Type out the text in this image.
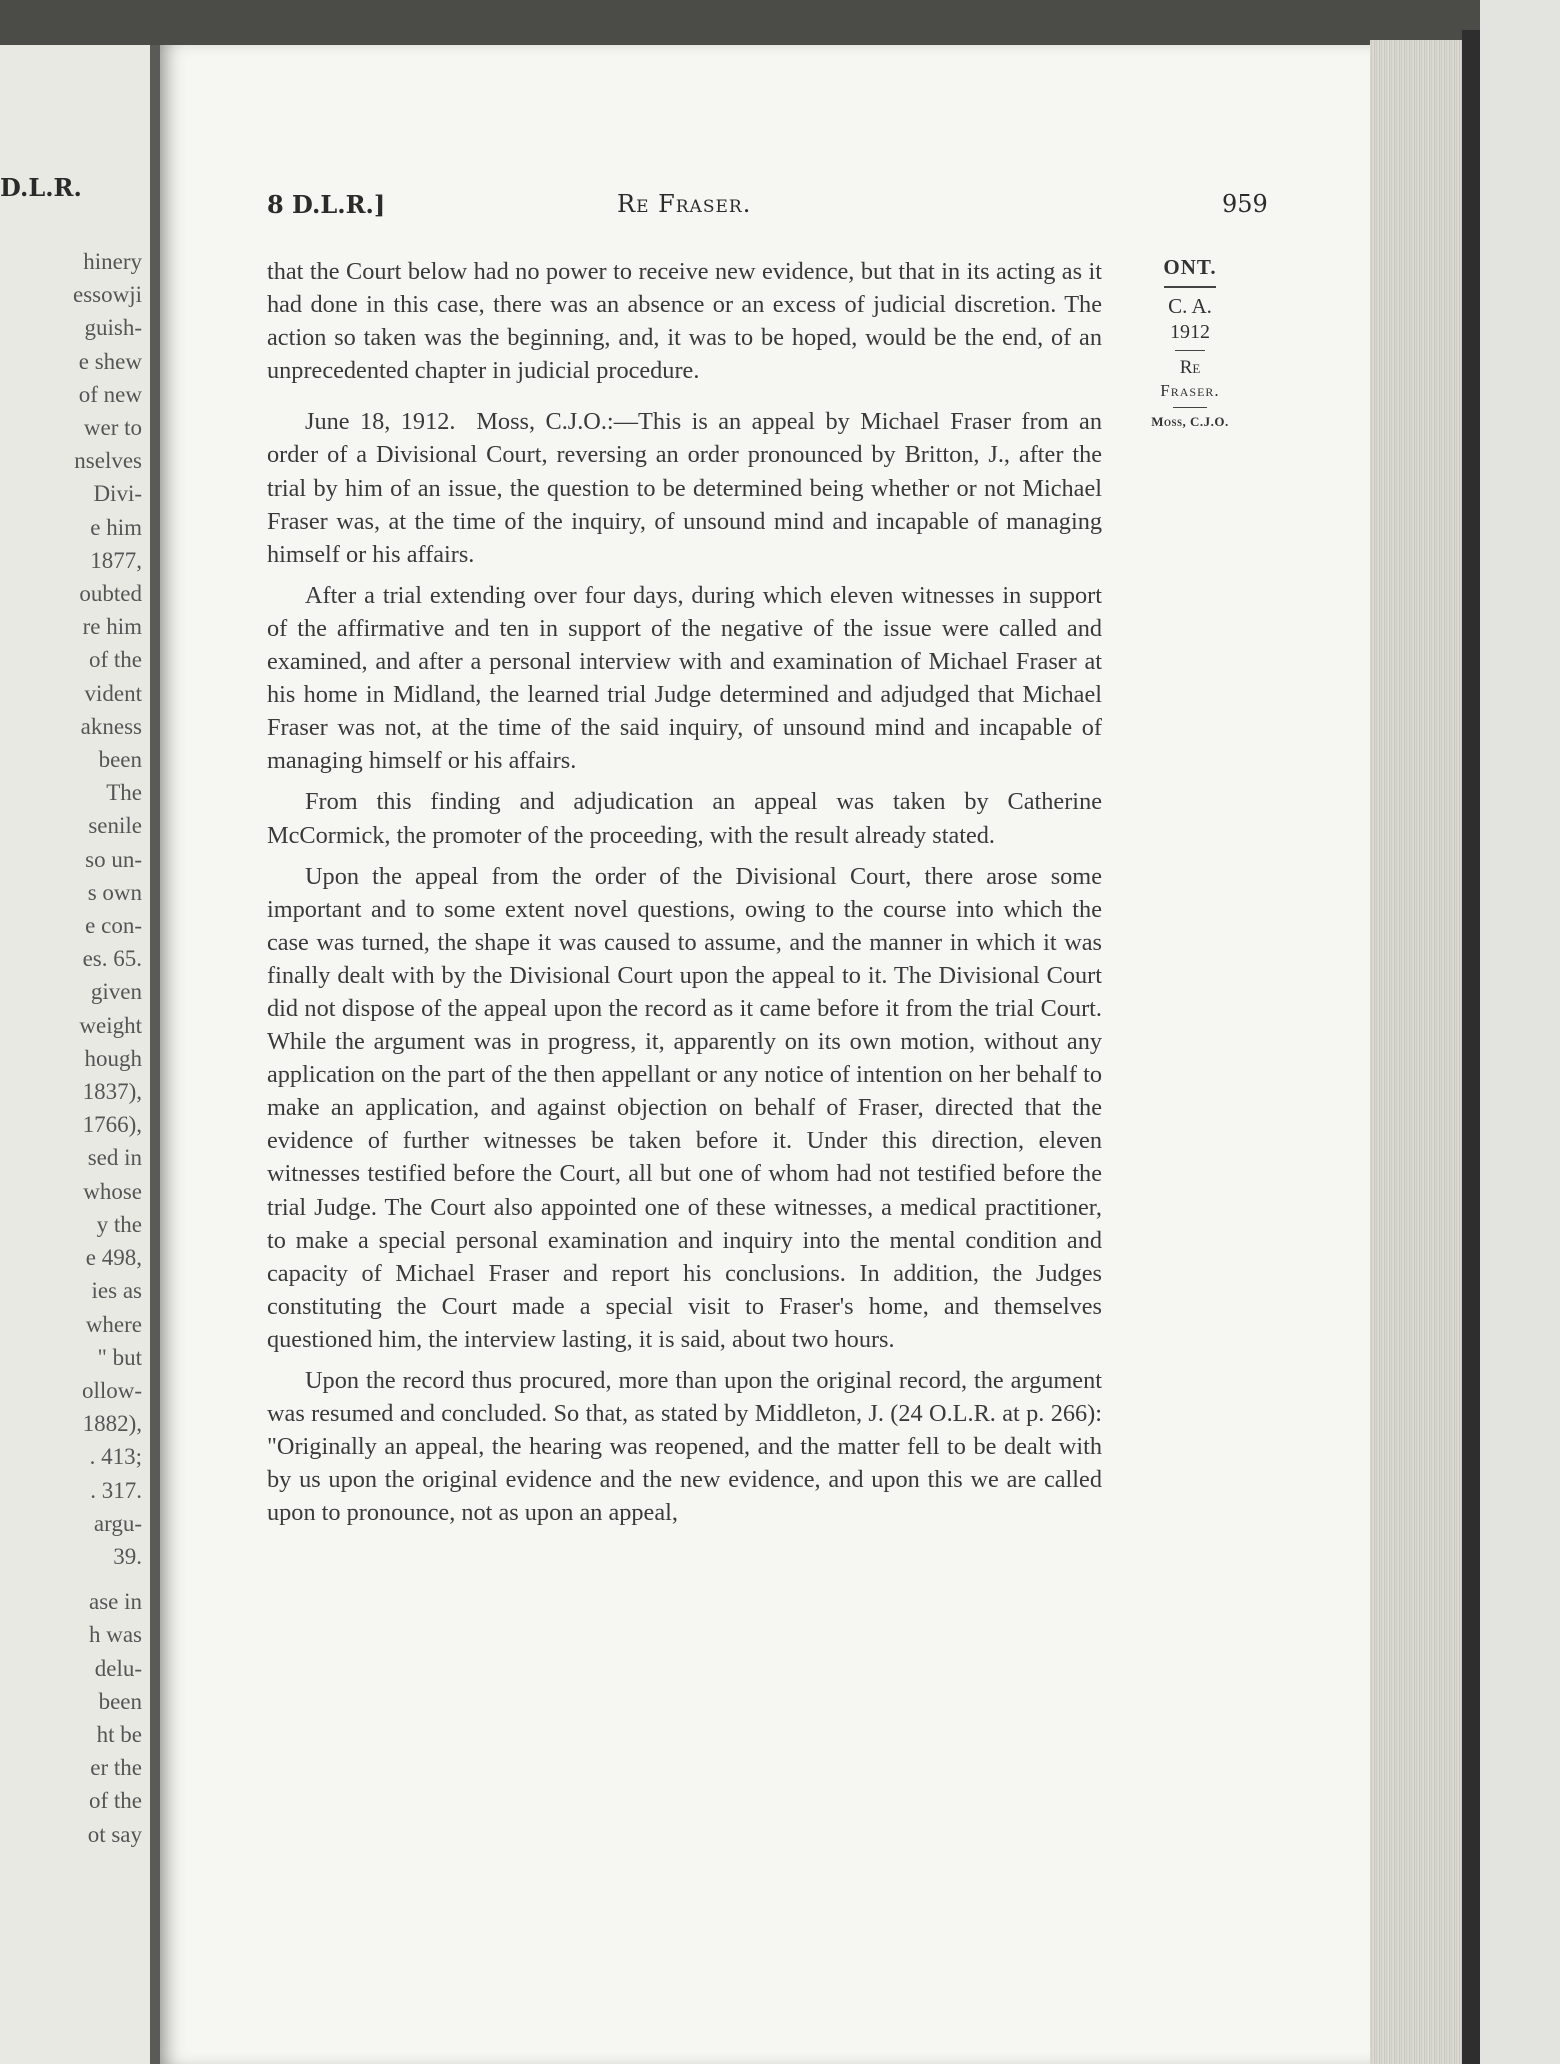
D.L.R.
hinery
essowji
guish-
e shew
of new
wer to
nselves
Divi-
e him
1877,
oubted
re him
of the
vident
akness
been
The
senile
so un-
s own
e con-
es. 65.
given
weight
hough
1837),
1766),
sed in
whose
y the
e 498,
ies as
where
" but
ollow-
1882),
. 413;
. 317.
argu-
39.
ase in
h was
delu-
been
ht be
er the
of the
ot say
8 D.L.R.]	Re Fraser.	959

that the Court below had no power to receive new evidence, but that in its acting as it had done in this case, there was an absence or an excess of judicial discretion. The action so taken was the beginning, and, it was to be hoped, would be the end, of an unprecedented chapter in judicial procedure.

June 18, 1912. Moss, C.J.O.:—This is an appeal by Michael Fraser from an order of a Divisional Court, reversing an order pronounced by Britton, J., after the trial by him of an issue, the question to be determined being whether or not Michael Fraser was, at the time of the inquiry, of unsound mind and incapable of managing himself or his affairs.

After a trial extending over four days, during which eleven witnesses in support of the affirmative and ten in support of the negative of the issue were called and examined, and after a personal interview with and examination of Michael Fraser at his home in Midland, the learned trial Judge determined and adjudged that Michael Fraser was not, at the time of the said inquiry, of unsound mind and incapable of managing himself or his affairs.

From this finding and adjudication an appeal was taken by Catherine McCormick, the promoter of the proceeding, with the result already stated.

Upon the appeal from the order of the Divisional Court, there arose some important and to some extent novel questions, owing to the course into which the case was turned, the shape it was caused to assume, and the manner in which it was finally dealt with by the Divisional Court upon the appeal to it. The Divisional Court did not dispose of the appeal upon the record as it came before it from the trial Court. While the argument was in progress, it, apparently on its own motion, without any application on the part of the then appellant or any notice of intention on her behalf to make an application, and against objection on behalf of Fraser, directed that the evidence of further witnesses be taken before it. Under this direction, eleven witnesses testified before the Court, all but one of whom had not testified before the trial Judge. The Court also appointed one of these witnesses, a medical practitioner, to make a special personal examination and inquiry into the mental condition and capacity of Michael Fraser and report his conclusions. In addition, the Judges constituting the Court made a special visit to Fraser's home, and themselves questioned him, the interview lasting, it is said, about two hours.

Upon the record thus procured, more than upon the original record, the argument was resumed and concluded. So that, as stated by Middleton, J. (24 O.L.R. at p. 266): "Originally an appeal, the hearing was reopened, and the matter fell to be dealt with by us upon the original evidence and the new evidence, and upon this we are called upon to pronounce, not as upon an appeal,

ONT.
C. A.
1912
Re
Fraser.
Moss, C.J.O.
